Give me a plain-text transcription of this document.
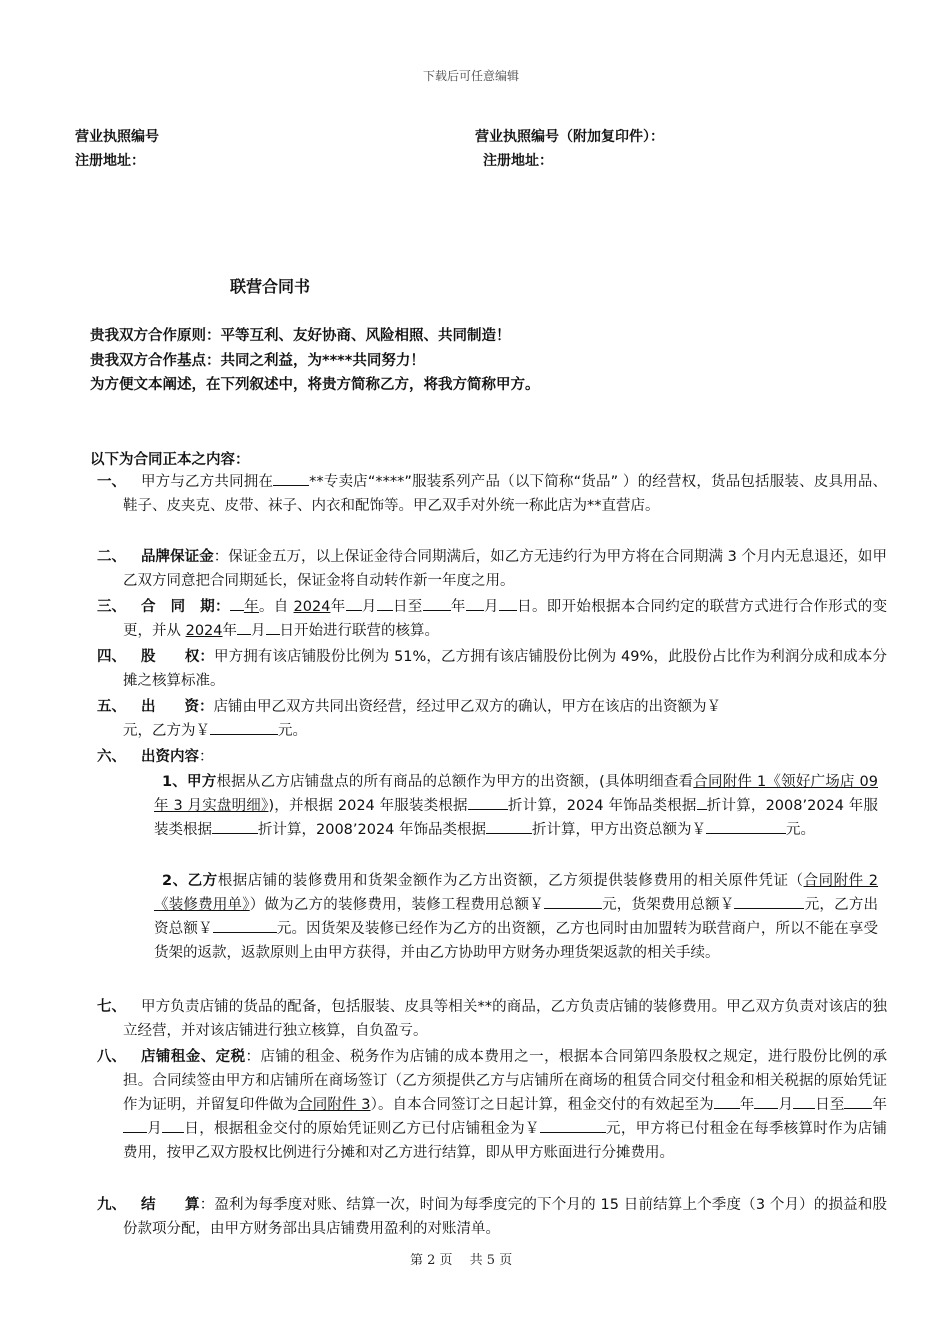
下载后可任意编辑
营业执照编号
注册地址：
营业执照编号（附加复印件）：
注册地址：
联营合同书
贵我双方合作原则：平等互利、友好协商、风险相照、共同制造！
贵我双方合作基点：共同之利益，为****共同努力！
为方便文本阐述，在下列叙述中，将贵方简称乙方，将我方简称甲方。
以下为合同正本之内容：
一、	甲方与乙方共同拥在 **专卖店“****”服装系列产品（以下简称“货品” ）的经营权，货品包括服装、皮具用品、鞋子、皮夹克、皮带、袜子、内衣和配饰等。甲乙双手对外统一称此店为**直营店。
二、	品牌保证金：保证金五万，以上保证金待合同期满后，如乙方无违约行为甲方将在合同期满 3 个月内无息退还，如甲乙双方同意把合同期延长，保证金将自动转作新一年度之用。
三、	合　同　期： 年。自 2024年 月 日至 年 月 日。即开始根据本合同约定的联营方式进行合作形式的变更，并从 2024年 月 日开始进行联营的核算。
四、	股　　权：甲方拥有该店铺股份比例为 51%，乙方拥有该店铺股份比例为 49%，此股份占比作为利润分成和成本分摊之核算标准。
五、	出　　资：店铺由甲乙双方共同出资经营，经过甲乙双方的确认，甲方在该店的出资额为￥
元，乙方为￥	元。
六、	出资内容：
1、甲方根据从乙方店铺盘点的所有商品的总额作为甲方的出资额，(具体明细查看合同附件 1《领好广场店 09 年 3 月实盘明细》)，并根据 2024 年服装类根据	折计算，2024 年饰品类根据 折计算，2008’2024 年服装类根据	折计算，2008’2024 年饰品类根据	折计算，甲方出资总额为￥	元。
2、乙方根据店铺的装修费用和货架金额作为乙方出资额，乙方须提供装修费用的相关原件凭证（合同附件 2《装修费用单》）做为乙方的装修费用，装修工程费用总额￥	元，货架费用总额￥	元，乙方出资总额￥	元。因货架及装修已经作为乙方的出资额，乙方也同时由加盟转为联营商户，所以不能在享受货架的返款，返款原则上由甲方获得，并由乙方协助甲方财务办理货架返款的相关手续。
七、	甲方负责店铺的货品的配备，包括服装、皮具等相关**的商品，乙方负责店铺的装修费用。甲乙双方负责对该店的独立经营，并对该店铺进行独立核算，自负盈亏。
八、	店铺租金、定税：店铺的租金、税务作为店铺的成本费用之一，根据本合同第四条股权之规定，进行股份比例的承担。合同续签由甲方和店铺所在商场签订（乙方须提供乙方与店铺所在商场的租赁合同交付租金和相关税据的原始凭证作为证明，并留复印件做为合同附件 3）。自本合同签订之日起计算，租金交付的有效起至为 年 月 日至 年月 日，根据租金交付的原始凭证则乙方已付店铺租金为￥	元，甲方将已付租金在每季核算时作为店铺费用，按甲乙双方股权比例进行分摊和对乙方进行结算，即从甲方账面进行分摊费用。
九、	结　　算：盈利为每季度对账、结算一次，时间为每季度完的下个月的 15 日前结算上个季度（3 个月）的损益和股份款项分配，由甲方财务部出具店铺费用盈利的对账清单。
第 2 页　 共 5 页
